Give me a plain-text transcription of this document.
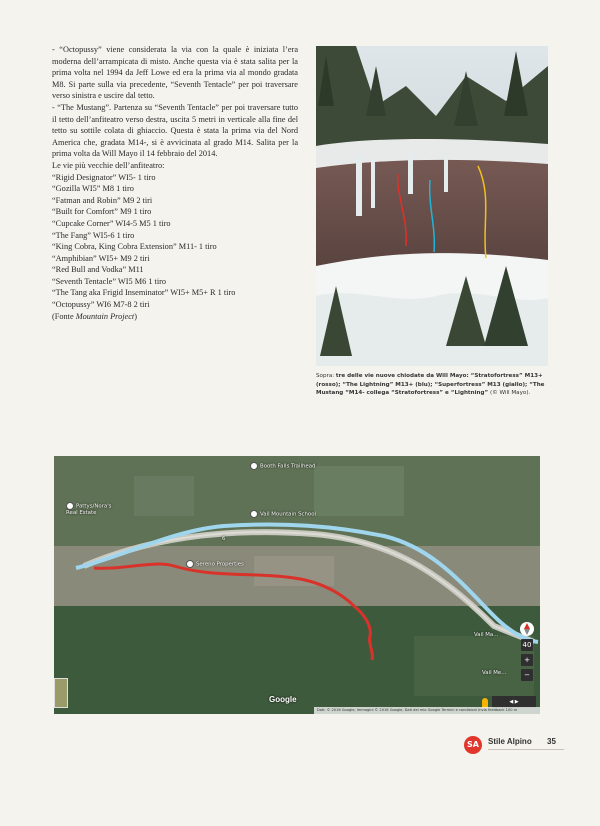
- “Octopussy” viene considerata la via con la quale è iniziata l’era moderna dell’arrampicata di misto. Anche questa via è stata salita per la prima volta nel 1994 da Jeff Lowe ed era la prima via al mondo gradata M8. Si parte sulla via precedente, “Seventh Tentacle” per poi traversare verso sinistra e uscire dal tetto.

- “The Mustang”. Partenza su “Seventh Tentacle” per poi traversare tutto il tetto dell’anfiteatro verso destra, uscita 5 metri in verticale alla fine del tetto su sottile colata di ghiaccio. Questa è stata la prima via del Nord America che, gradata M14-, si è avvicinata al grado M14. Salita per la prima volta da Will Mayo il 14 febbraio del 2014.

Le vie più vecchie dell’anfiteatro:

“Rigid Designator” WI5- 1 tiro
“Gozilla WI5” M8 1 tiro
“Fatman and Robin” M9 2 tiri
“Built for Comfort” M9 1 tiro
“Cupcake Corner” WI4-5 M5 1 tiro
“The Fang” WI5-6 1 tiro
“King Cobra, King Cobra Extension” M11- 1 tiro
“Amphibian” WI5+ M9 2 tiri
“Red Bull and Vodka” M11
“Seventh Tentacle” WI5 M6 1 tiro
“The Tang aka Frigid Inseminator” WI5+ M5+ R 1 tiro
“Octopussy” WI6 M7-8 2 tiri

(Fonte Mountain Project)

Sopra: tre delle vie nuove chiodate da Will Mayo: “Stratofortress” M13+ (rosso); “The Lightning” M13+ (blu); “Superfortress” M13 (giallo); “The Mustang “M14- collega “Stratofortress” e “Lightning” (© Will Mayo).
Booth Falls Trailhead
Pattys/Nora's Real Estate	Vail Mountain School
Sereno Properties
Vail Ma...
Vail Me...
6
Google
40
+
−
◀ ▶
Dati: © 2016 Google, Immagini © 2016 Google, Dati del mio Google Termini e condizioni Invia feedback 100 m
SA	Stile Alpino 35
